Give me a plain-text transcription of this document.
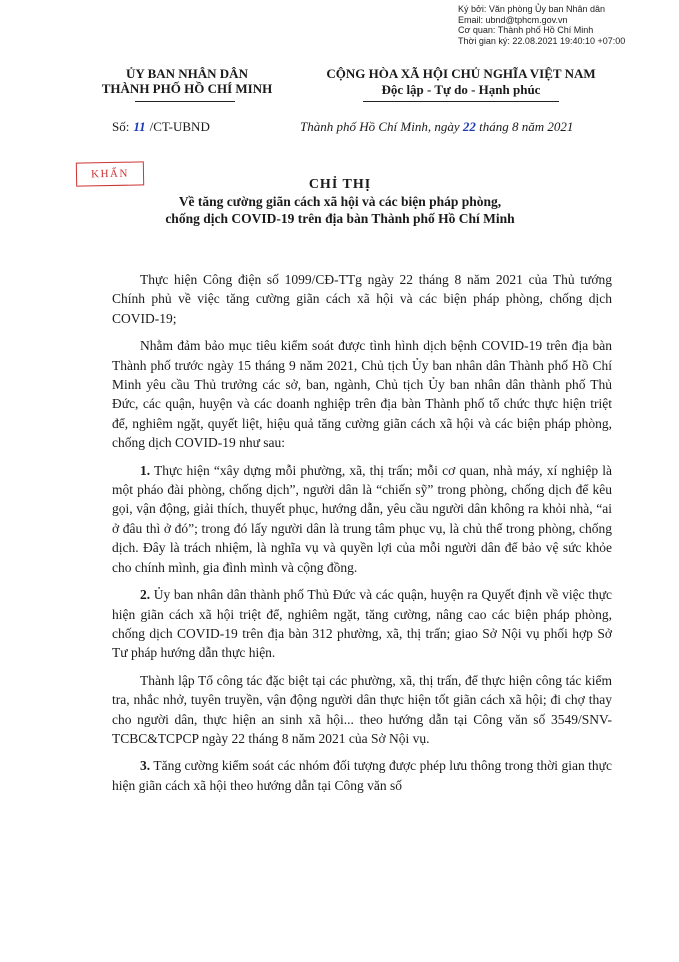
Ký bởi: Văn phòng Ủy ban Nhân dân
Email: ubnd@tphcm.gov.vn
Cơ quan: Thành phố Hồ Chí Minh
Thời gian ký: 22.08.2021 19:40:10 +07:00
ỦY BAN NHÂN DÂN
THÀNH PHỐ HỒ CHÍ MINH
CỘNG HÒA XÃ HỘI CHỦ NGHĨA VIỆT NAM
Độc lập - Tự do - Hạnh phúc
Số: 11 /CT-UBND	Thành phố Hồ Chí Minh, ngày 22 tháng 8 năm 2021
KHẨN
CHỈ THỊ
Về tăng cường giãn cách xã hội và các biện pháp phòng,
chống dịch COVID-19 trên địa bàn Thành phố Hồ Chí Minh

Thực hiện Công điện số 1099/CĐ-TTg ngày 22 tháng 8 năm 2021 của Thủ tướng Chính phủ về việc tăng cường giãn cách xã hội và các biện pháp phòng, chống dịch COVID-19;

Nhằm đảm bảo mục tiêu kiểm soát được tình hình dịch bệnh COVID-19 trên địa bàn Thành phố trước ngày 15 tháng 9 năm 2021, Chủ tịch Ủy ban nhân dân Thành phố Hồ Chí Minh yêu cầu Thủ trưởng các sở, ban, ngành, Chủ tịch Ủy ban nhân dân thành phố Thủ Đức, các quận, huyện và các doanh nghiệp trên địa bàn Thành phố tổ chức thực hiện triệt để, nghiêm ngặt, quyết liệt, hiệu quả tăng cường giãn cách xã hội và các biện pháp phòng, chống dịch COVID-19 như sau:

1. Thực hiện “xây dựng mỗi phường, xã, thị trấn; mỗi cơ quan, nhà máy, xí nghiệp là một pháo đài phòng, chống dịch”, người dân là “chiến sỹ” trong phòng, chống dịch để kêu gọi, vận động, giải thích, thuyết phục, hướng dẫn, yêu cầu người dân không ra khỏi nhà, “ai ở đâu thì ở đó”; trong đó lấy người dân là trung tâm phục vụ, là chủ thể trong phòng, chống dịch. Đây là trách nhiệm, là nghĩa vụ và quyền lợi của mỗi người dân để bảo vệ sức khỏe cho chính mình, gia đình mình và cộng đồng.

2. Ủy ban nhân dân thành phố Thủ Đức và các quận, huyện ra Quyết định về việc thực hiện giãn cách xã hội triệt để, nghiêm ngặt, tăng cường, nâng cao các biện pháp phòng, chống dịch COVID-19 trên địa bàn 312 phường, xã, thị trấn; giao Sở Nội vụ phối hợp Sở Tư pháp hướng dẫn thực hiện.

Thành lập Tổ công tác đặc biệt tại các phường, xã, thị trấn, để thực hiện công tác kiểm tra, nhắc nhở, tuyên truyền, vận động người dân thực hiện tốt giãn cách xã hội; đi chợ thay cho người dân, thực hiện an sinh xã hội... theo hướng dẫn tại Công văn số 3549/SNV-TCBC&TCPCP ngày 22 tháng 8 năm 2021 của Sở Nội vụ.

3. Tăng cường kiểm soát các nhóm đối tượng được phép lưu thông trong thời gian thực hiện giãn cách xã hội theo hướng dẫn tại Công văn số
